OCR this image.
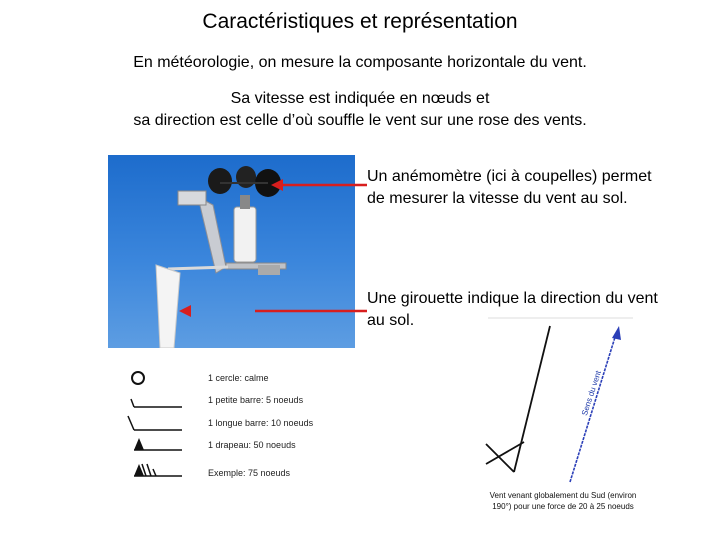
Caractéristiques et représentation
En météorologie, on mesure la composante horizontale du vent.
Sa vitesse est indiquée en nœuds et
sa direction est celle d’où souffle le vent sur une rose des vents.
Un anémomètre (ici à coupelles) permet
de mesurer la vitesse du vent au sol.
Une girouette indique la direction du vent
au sol.
1 cercle: calme
1 petite barre: 5 noeuds
1 longue barre: 10 noeuds
1 drapeau: 50 noeuds
Exemple: 75 noeuds
Sens du vent
Vent venant globalement du Sud (environ
190°) pour une force de 20 à 25 noeuds
